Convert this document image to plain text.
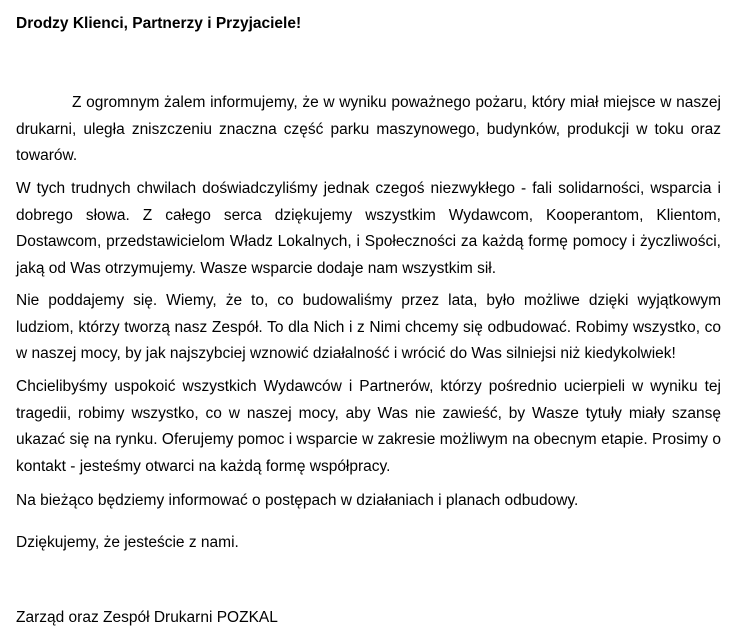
Drodzy Klienci, Partnerzy i Przyjaciele!

Z ogromnym żalem informujemy, że w wyniku poważnego pożaru, który miał miejsce w naszej drukarni, uległa zniszczeniu znaczna część parku maszynowego, budynków, produkcji w toku oraz towarów.

W tych trudnych chwilach doświadczyliśmy jednak czegoś niezwykłego - fali solidarności, wsparcia i dobrego słowa. Z całego serca dziękujemy wszystkim Wydawcom, Kooperantom, Klientom, Dostawcom, przedstawicielom Władz Lokalnych, i Społeczności za każdą formę pomocy i życzliwości, jaką od Was otrzymujemy. Wasze wsparcie dodaje nam wszystkim sił.

Nie poddajemy się. Wiemy, że to, co budowaliśmy przez lata, było możliwe dzięki wyjątkowym ludziom, którzy tworzą nasz Zespół. To dla Nich i z Nimi chcemy się odbudować. Robimy wszystko, co w naszej mocy, by jak najszybciej wznowić działalność i wrócić do Was silniejsi niż kiedykolwiek!

Chcielibyśmy uspokoić wszystkich Wydawców i Partnerów, którzy pośrednio ucierpieli w wyniku tej tragedii, robimy wszystko, co w naszej mocy, aby Was nie zawieść, by Wasze tytuły miały szansę ukazać się na rynku. Oferujemy pomoc i wsparcie w zakresie możliwym na obecnym etapie. Prosimy o kontakt - jesteśmy otwarci na każdą formę współpracy.

Na bieżąco będziemy informować o postępach w działaniach i planach odbudowy.

Dziękujemy, że jesteście z nami.

Zarząd oraz Zespół Drukarni POZKAL
